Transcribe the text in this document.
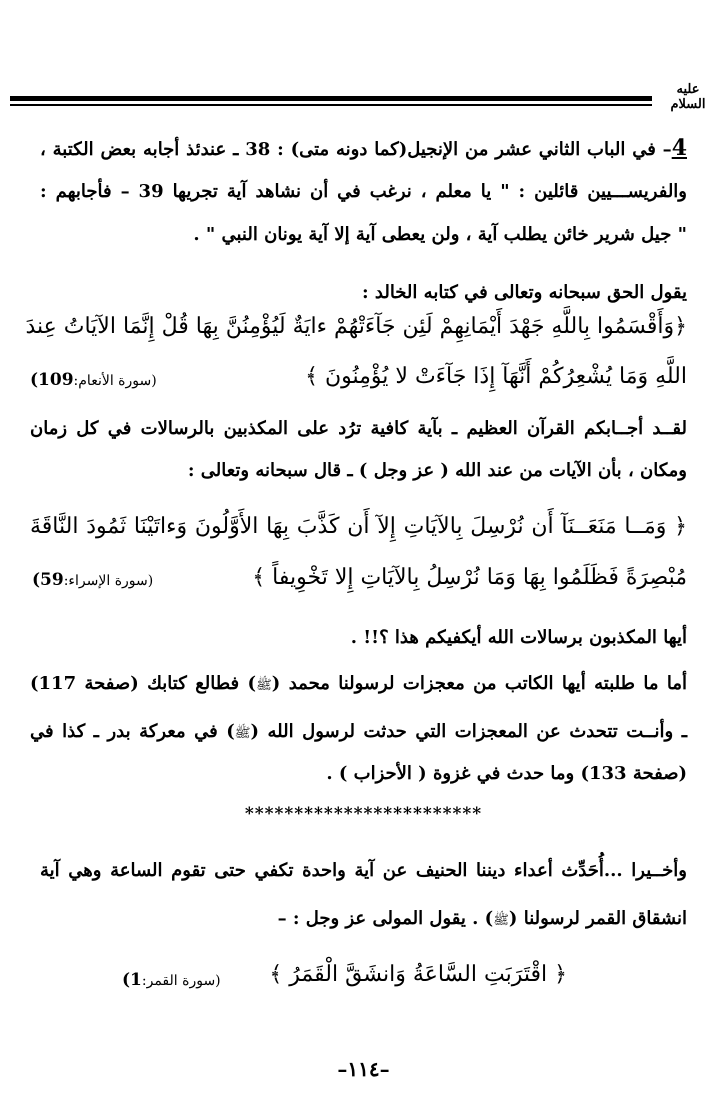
عليه السلام
4– في الباب الثاني عشر من الإنجيل(كما دونه متى) : 38 ـ عندئذ أجابه بعض الكتبة ،
والفريســـيين قائلين : " يا معلم ، نرغب في أن نشاهد آية تجريها 39 – فأجابهم :
" جيل شرير خائن يطلب آية ، ولن يعطى آية إلا آية يونان النبي " .
يقول الحق سبحانه وتعالى في كتابه الخالد :
﴿وَأَقْسَمُوا بِاللَّهِ جَهْدَ أَيْمَانِهِمْ لَئِن جَآءَتْهُمْ ءايَةٌ لَيُؤْمِنُنَّ بِهَا قُلْ إِنَّمَا الآيَاتُ عِندَ
اللَّهِ وَمَا يُشْعِرُكُمْ أَنَّهَآ إِذَا جَآءَتْ لا يُؤْمِنُونَ ﴾
(سورة الأنعام:109)
لقــد أجــابكم القرآن العظيم ـ بآية كافية ترُد على المكذبين بالرسالات في كل زمان
ومكان ، بأن الآيات من عند الله ( عز وجل ) ـ قال سبحانه وتعالى :
﴿ وَمَــا مَنَعَــنَآ أَن نُرْسِلَ بِالآيَاتِ إِلآ أَن كَذَّبَ بِهَا الأَوَّلُونَ وَءاتَيْنَا ثَمُودَ النَّاقَةَ
مُبْصِرَةً فَظَلَمُوا بِهَا وَمَا نُرْسِلُ بِالآيَاتِ إِلا تَخْوِيفاً ﴾
(سورة الإسراء:59)
أيها المكذبون برسالات الله أيكفيكم هذا ؟!! .
أما ما طلبته أيها الكاتب من معجزات لرسولنا محمد (ﷺ) فطالع كتابك (صفحة 117)
ـ وأنــت تتحدث عن المعجزات التي حدثت لرسول الله (ﷺ) في معركة بدر ـ كذا في
(صفحة 133) وما حدث في غزوة ( الأحزاب ) .
************************
وأخــيرا ...أُحَدِّث أعداء ديننا الحنيف عن آية واحدة تكفي حتى تقوم الساعة وهي آية
انشقاق القمر لرسولنا (ﷺ) . يقول المولى عز وجل : –
﴿ اقْتَرَبَتِ السَّاعَةُ وَانشَقَّ الْقَمَرُ ﴾
(سورة القمر:1)
–١١٤–
